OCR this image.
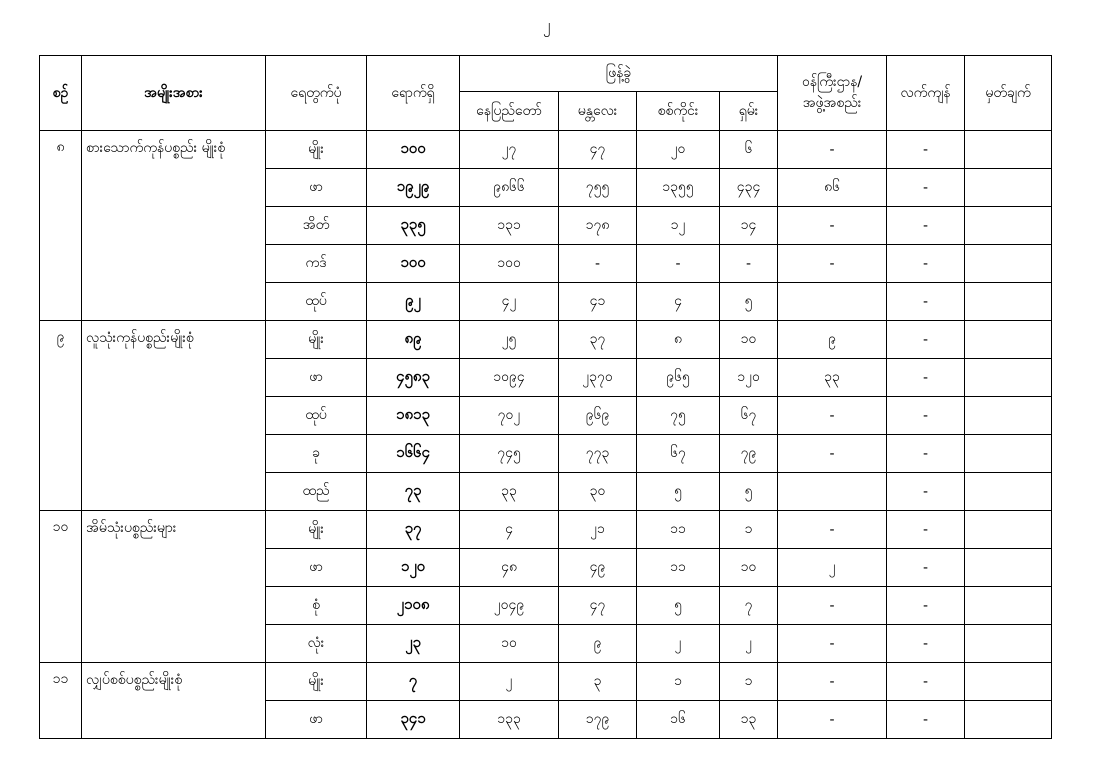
၂
စဉ်	အမျိုးအစား	ရေတွက်ပုံ	ရောက်ရှိ	ဖြန့်ခွဲ				ဝန်ကြီးဌာန/
အဖွဲ့အစည်း	လက်ကျန်	မှတ်ချက်
				နေပြည်တော်	မန္တလေး	စစ်ကိုင်း	ရှမ်း			
၈	စားသောက်ကုန်ပစ္စည်း မျိုးစုံ	မျိုး	၁၀၀	၂၇	၄၇	၂၀	၆	-	-	
		ဖာ	၁၉၂၉	၉၈၆၆	၇၅၅	၁၃၅၅	၄၃၄	၈၆	-	
		အိတ်	၃၃၅	၁၃၁	၁၇၈	၁၂	၁၄	-	-	
		ကဒ်	၁၀၀	၁၀၀	-	-	-	-	-	
		ထုပ်	၉၂	၄၂	၄၁	၄	၅		-	
၉	လူသုံးကုန်ပစ္စည်းမျိုးစုံ	မျိုး	၈၉	၂၅	၃၇	၈	၁၀	၉	-	
		ဖာ	၄၅၈၃	၁၀၉၄	၂၃၇၀	၉၆၅	၁၂၀	၃၃	-	
		ထုပ်	၁၈၁၃	၇၀၂	၉၆၉	၇၅	၆၇	-	-	
		ခု	၁၆၆၄	၇၄၅	၇၇၃	၆၇	၇၉	-	-	
		ထည်	၇၃	၃၃	၃၀	၅	၅		-	
၁၀	အိမ်သုံးပစ္စည်းများ	မျိုး	၃၇	၄	၂၁	၁၁	၁	-	-	
		ဖာ	၁၂၀	၄၈	၄၉	၁၁	၁၀	၂	-	
		စုံ	၂၁၀၈	၂၀၄၉	၄၇	၅	၇	-	-	
		လုံး	၂၃	၁၀	၉	၂	၂	-	-	
၁၁	လျှပ်စစ်ပစ္စည်းမျိုးစုံ	မျိုး	၇	၂	၃	၁	၁	-	-	
		ဖာ	၃၄၁	၁၃၃	၁၇၉	၁၆	၁၃	-	-	
